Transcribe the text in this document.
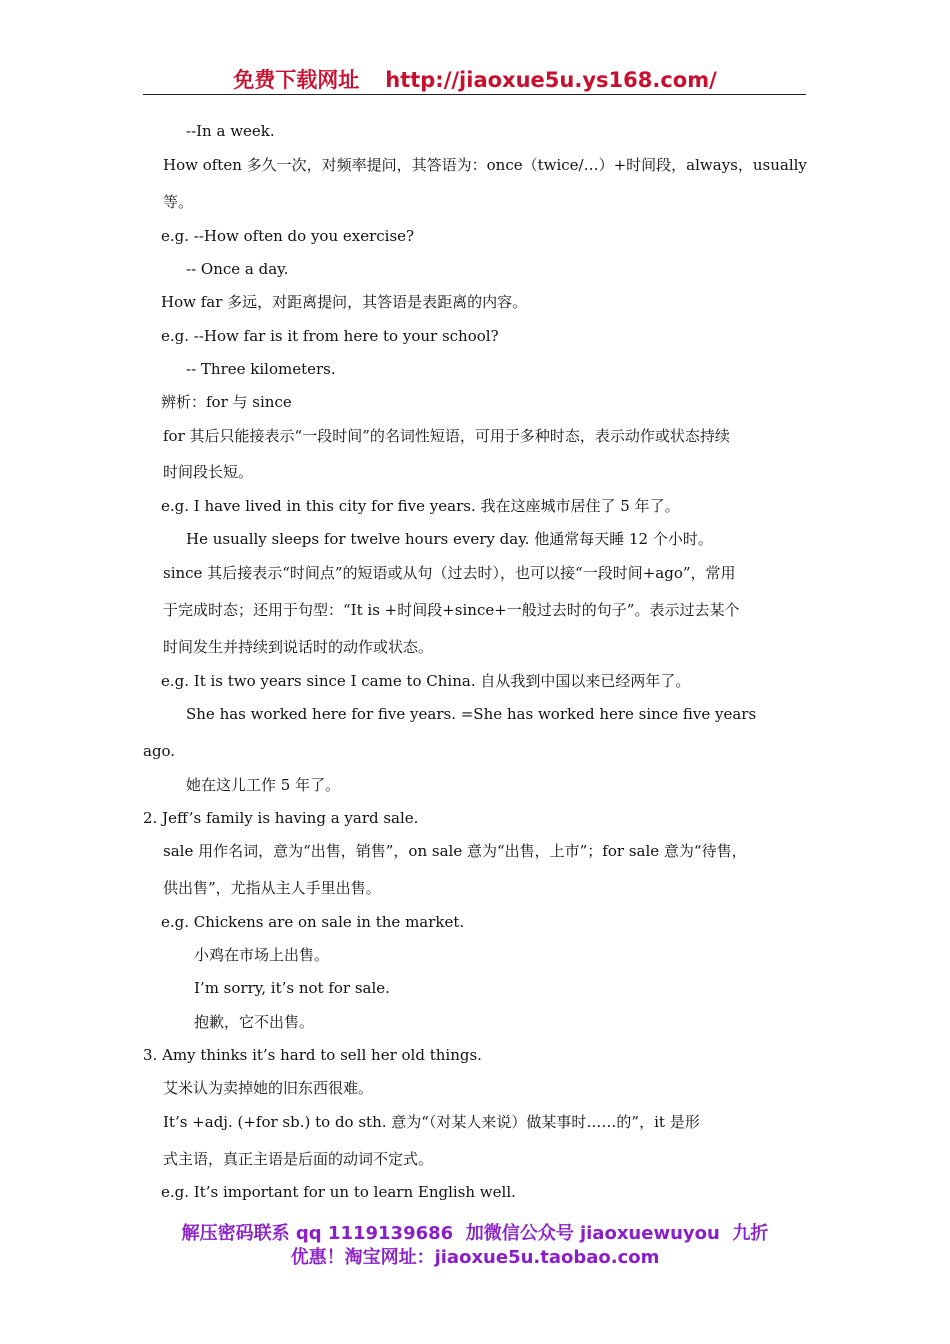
免费下载网址 http://jiaoxue5u.ys168.com/
--In a week.
How often 多久一次，对频率提问，其答语为：once（twice/…）+时间段，always，usually
等。
e.g. --How often do you exercise?
-- Once a day.
How far 多远，对距离提问，其答语是表距离的内容。
e.g. --How far is it from here to your school?
-- Three kilometers.
辨析：for 与 since
for 其后只能接表示“一段时间”的名词性短语，可用于多种时态，表示动作或状态持续
时间段长短。
e.g. I have lived in this city for five years. 我在这座城市居住了 5 年了。
He usually sleeps for twelve hours every day. 他通常每天睡 12 个小时。
since 其后接表示“时间点”的短语或从句（过去时），也可以接“一段时间+ago”，常用
于完成时态；还用于句型：“It is +时间段+since+一般过去时的句子”。表示过去某个
时间发生并持续到说话时的动作或状态。
e.g. It is two years since I came to China. 自从我到中国以来已经两年了。
She has worked here for five years. =She has worked here since five years
ago.
她在这儿工作 5 年了。
2. Jeff’s family is having a yard sale.
sale 用作名词，意为“出售，销售”，on sale 意为“出售，上市”；for sale 意为“待售，
供出售”，尤指从主人手里出售。
e.g. Chickens are on sale in the market.
小鸡在市场上出售。
I’m sorry, it’s not for sale.
抱歉，它不出售。
3. Amy thinks it’s hard to sell her old things.
艾米认为卖掉她的旧东西很难。
It’s +adj. (+for sb.) to do sth. 意为“（对某人来说）做某事时……的”，it 是形
式主语，真正主语是后面的动词不定式。
e.g. It’s important for un to learn English well.
解压密码联系 qq 1119139686  加微信公众号 jiaoxuewuyou  九折
优惠！淘宝网址：jiaoxue5u.taobao.com
